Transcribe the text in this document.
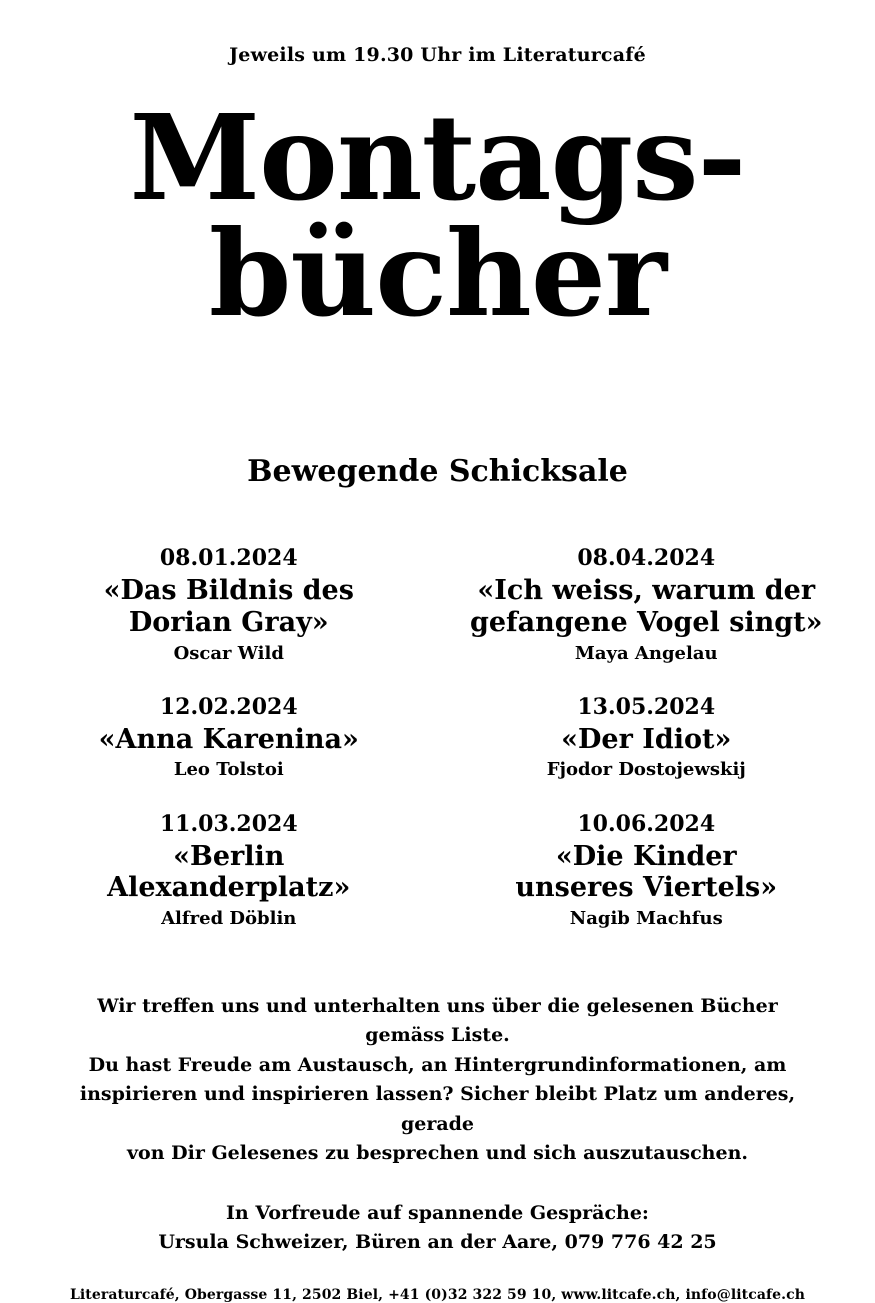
Jeweils um 19.30 Uhr im Literaturcafé
Montags-
bücher
Bewegende Schicksale
08.01.2024
«Das Bildnis des
Dorian Gray»
Oscar Wild
12.02.2024
«Anna Karenina»
Leo Tolstoi
11.03.2024
«Berlin
Alexanderplatz»
Alfred Döblin
08.04.2024
«Ich weiss, warum der
gefangene Vogel singt»
Maya Angelau
13.05.2024
«Der Idiot»
Fjodor Dostojewskij
10.06.2024
«Die Kinder
unseres Viertels»
Nagib Machfus
Wir treffen uns und unterhalten uns über die gelesenen Bücher gemäss Liste.
Du hast Freude am Austausch, an Hintergrundinformationen, am
inspirieren und inspirieren lassen? Sicher bleibt Platz um anderes, gerade
von Dir Gelesenes zu besprechen und sich auszutauschen.
In Vorfreude auf spannende Gespräche:
Ursula Schweizer, Büren an der Aare, 079 776 42 25
Literaturcafé, Obergasse 11, 2502 Biel, +41 (0)32 322 59 10, www.litcafe.ch, info@litcafe.ch
